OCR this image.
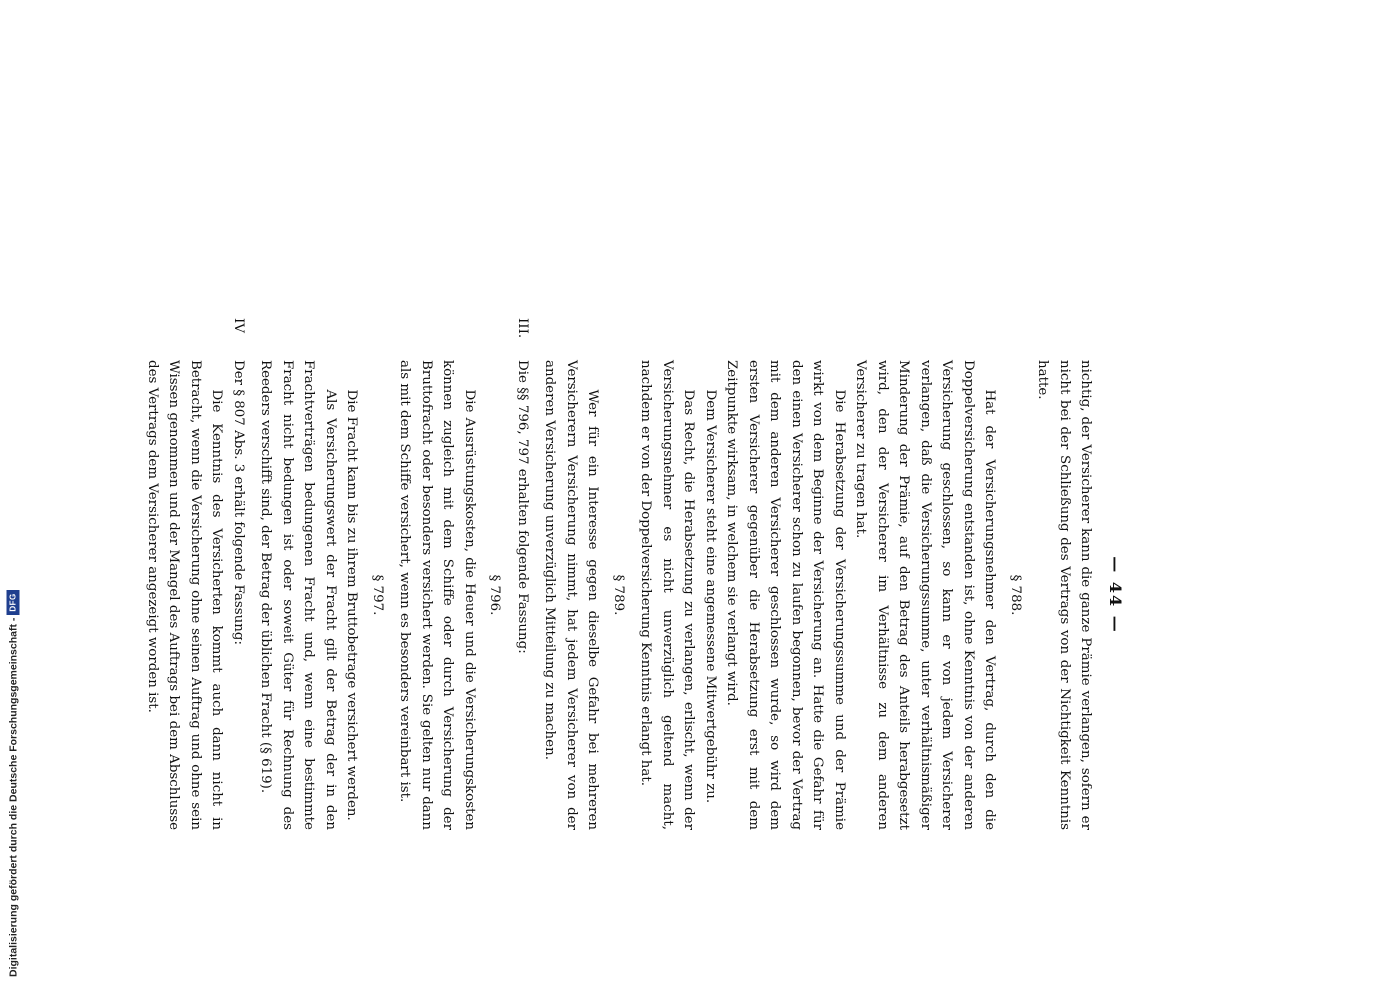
— 44 —

nichtig, der Versicherer kann die ganze Prämie verlangen, sofern er nicht bei der Schließung des Vertrags von der Nichtigkeit Kenntnis hatte.

§ 788.

Hat der Versicherungsnehmer den Vertrag, durch den die Doppelversicherung entstanden ist, ohne Kenntnis von der anderen Versicherung geschlossen, so kann er von jedem Versicherer verlangen, daß die Versicherungssumme, unter verhältnismäßiger Minderung der Prämie, auf den Betrag des Anteils herabgesetzt wird, den der Versicherer im Verhältnisse zu dem anderen Versicherer zu tragen hat.

Die Herabsetzung der Versicherungssumme und der Prämie wirkt von dem Beginne der Versicherung an. Hatte die Gefahr für den einen Versicherer schon zu laufen begonnen, bevor der Vertrag mit dem anderen Versicherer geschlossen wurde, so wird dem ersten Versicherer gegenüber die Herabsetzung erst mit dem Zeitpunkte wirksam, in welchem sie verlangt wird.

Dem Versicherer steht eine angemessene Mitwertgebühr zu.

Das Recht, die Herabsetzung zu verlangen, erlischt, wenn der Versicherungsnehmer es nicht unverzüglich geltend macht, nachdem er von der Doppelversicherung Kenntnis erlangt hat.

§ 789.

Wer für ein Interesse gegen dieselbe Gefahr bei mehreren Versicherern Versicherung nimmt, hat jedem Versicherer von der anderen Versicherung unverzüglich Mitteilung zu machen.

III.
Die §§ 796, 797 erhalten folgende Fassung:
§ 796.

Die Ausrüstungskosten, die Heuer und die Versicherungskosten können zugleich mit dem Schiffe oder durch Versicherung der Bruttofracht oder besonders versichert werden. Sie gelten nur dann als mit dem Schiffe versichert, wenn es besonders vereinbart ist.

§ 797.

Die Fracht kann bis zu ihrem Bruttobetrage versichert werden.

Als Versicherungswert der Fracht gilt der Betrag der in den Frachtverträgen bedungenen Fracht und, wenn eine bestimmte Fracht nicht bedungen ist oder soweit Güter für Rechnung des Reeders verschifft sind, der Betrag der üblichen Fracht (§ 619).

IV
Der § 807 Abs. 3 erhält folgende Fassung:

Die Kenntnis des Versicherten kommt auch dann nicht in Betracht, wenn die Versicherung ohne seinen Auftrag und ohne sein Wissen genommen und der Mangel des Auftrags bei dem Abschlusse des Vertrags dem Versicherer angezeigt worden ist.

Digitalisierung gefördert durch die Deutsche Forschungsgemeinschaft -
DFG
